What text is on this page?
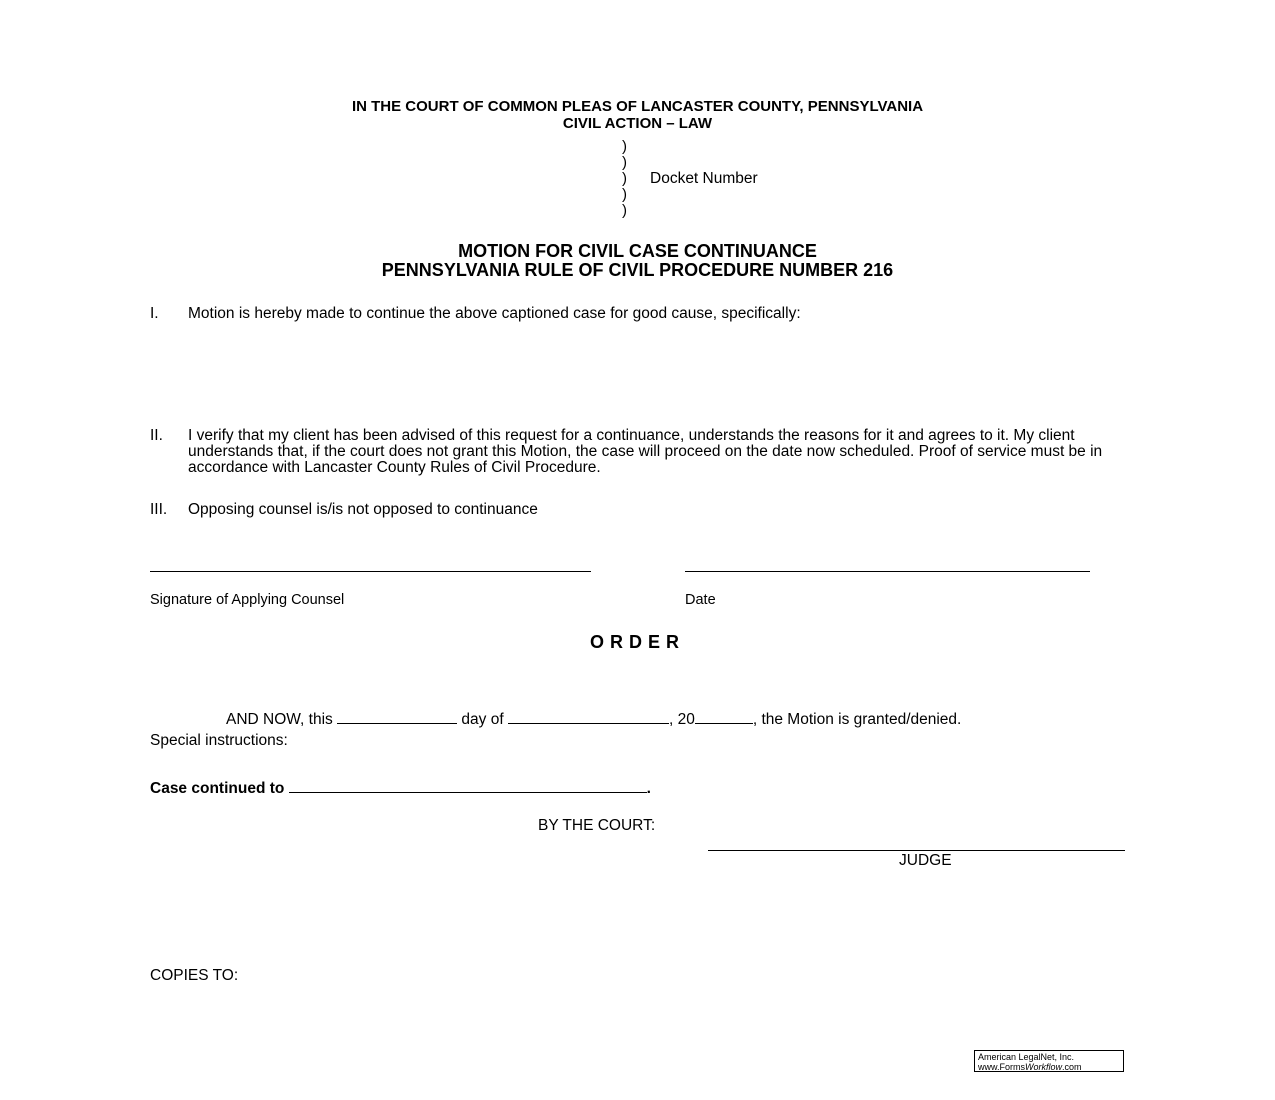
IN THE COURT OF COMMON PLEAS OF LANCASTER COUNTY, PENNSYLVANIA
CIVIL ACTION – LAW
)
)
)
)
)
Docket Number
MOTION FOR CIVIL CASE CONTINUANCE
PENNSYLVANIA RULE OF CIVIL PROCEDURE NUMBER 216
I. Motion is hereby made to continue the above captioned case for good cause, specifically:
II. I verify that my client has been advised of this request for a continuance, understands the reasons for it and agrees to it. My client understands that, if the court does not grant this Motion, the case will proceed on the date now scheduled. Proof of service must be in accordance with Lancaster County Rules of Civil Procedure.
III. Opposing counsel is/is not opposed to continuance
Signature of Applying Counsel	Date
ORDER
AND NOW, this	day of	, 20	, the Motion is granted/denied.
Special instructions:
Case continued to	.
BY THE COURT:
JUDGE
COPIES TO:
American LegalNet, Inc.
www.FormsWorkflow.com
